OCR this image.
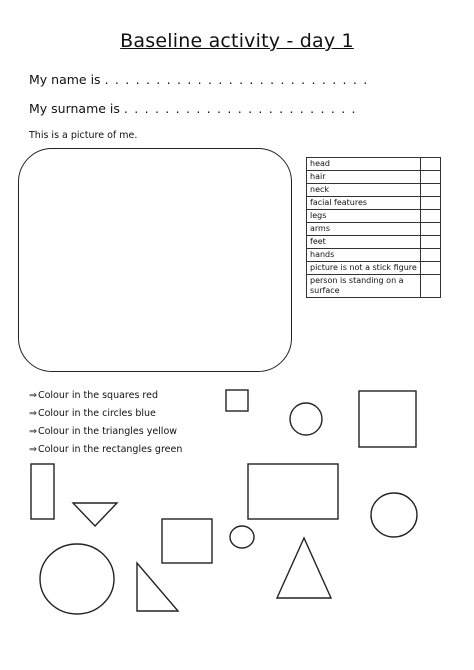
Baseline activity - day 1
My name is . . . . . . . . . . . . . . . . . . . . . . . . . .
My surname is . . . . . . . . . . . . . . . . . . . . . . .
This is a picture of me.
head	
hair	
neck	
facial features	
legs	
arms	
feet	
hands	
picture is not a stick figure	
person is standing on a surface	
⇒Colour in the squares red
⇒Colour in the circles blue
⇒Colour in the triangles yellow
⇒Colour in the rectangles green
